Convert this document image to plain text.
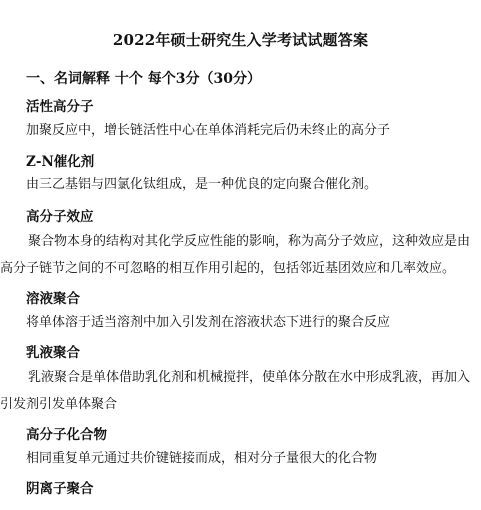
2022年硕士研究生入学考试试题答案
一、名词解释 十个 每个3分（30分）
活性高分子
加聚反应中，增长链活性中心在单体消耗完后仍未终止的高分子
Z-N催化剂
由三乙基铝与四氯化钛组成，是一种优良的定向聚合催化剂。
高分子效应
聚合物本身的结构对其化学反应性能的影响，称为高分子效应，这种效应是由高分子链节之间的不可忽略的相互作用引起的，包括邻近基团效应和几率效应。
溶液聚合
将单体溶于适当溶剂中加入引发剂在溶液状态下进行的聚合反应
乳液聚合
乳液聚合是单体借助乳化剂和机械搅拌，使单体分散在水中形成乳液，再加入引发剂引发单体聚合
高分子化合物
相同重复单元通过共价键链接而成，相对分子量很大的化合物
阴离子聚合
